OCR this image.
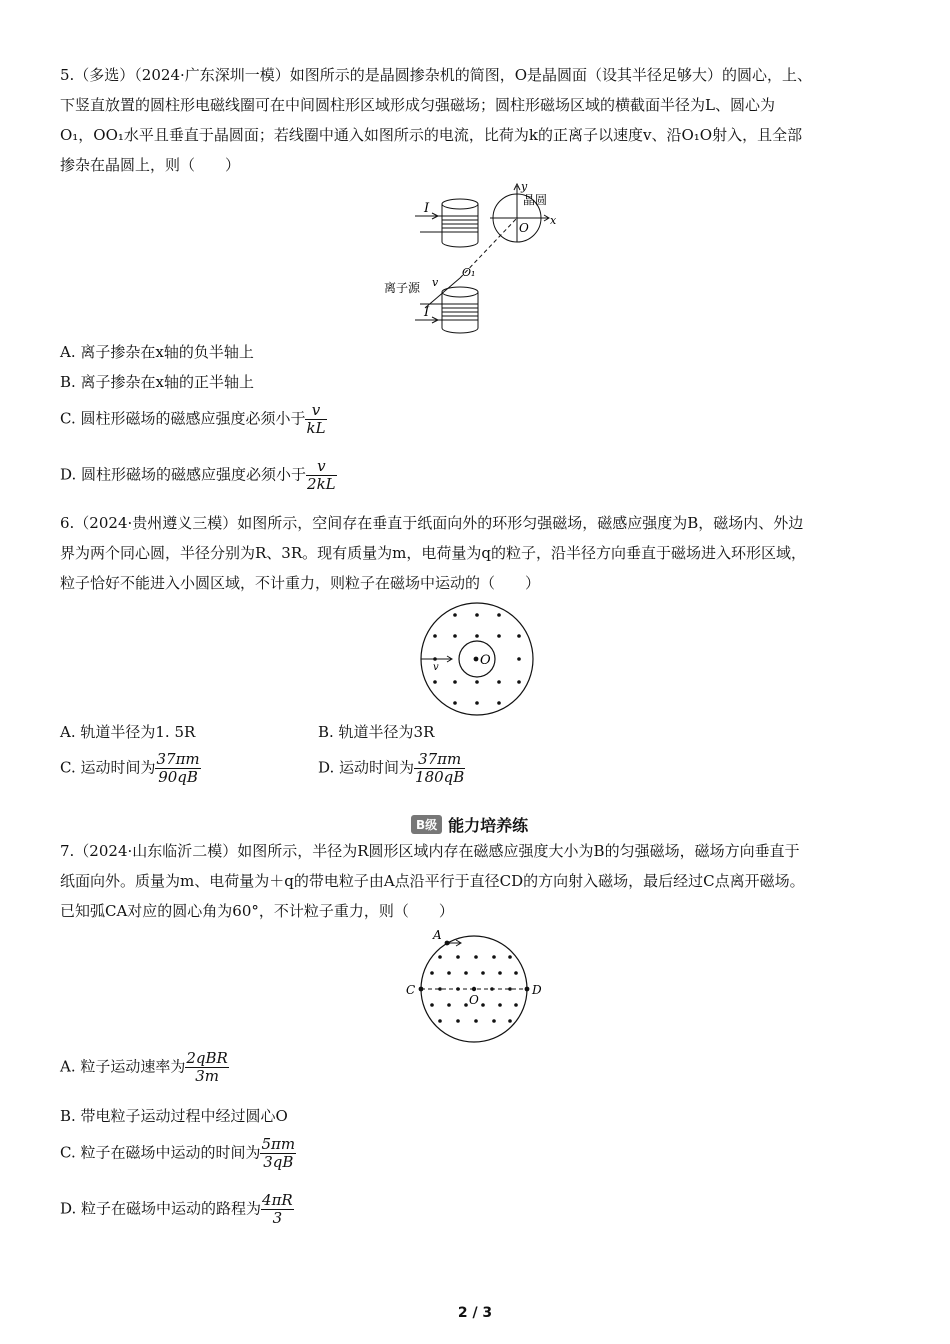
5.（多选）（2024·广东深圳一模）如图所示的是晶圆掺杂机的简图，O是晶圆面（设其半径足够大）的圆心，上、
下竖直放置的圆柱形电磁线圈可在中间圆柱形区域形成匀强磁场；圆柱形磁场区域的横截面半径为L、圆心为
O₁，OO₁水平且垂直于晶圆面；若线圈中通入如图所示的电流，比荷为k的正离子以速度v、沿O₁O射入，且全部
掺杂在晶圆上，则（　　）
I
x
y
晶圆
O
O₁
v
离子源
I
A. 离子掺杂在x轴的负半轴上
B. 离子掺杂在x轴的正半轴上
C. 圆柱形磁场的磁感应强度必须小于 $\frac{v}{kL}$
D. 圆柱形磁场的磁感应强度必须小于 $\frac{v}{2kL}$
6.（2024·贵州遵义三模）如图所示，空间存在垂直于纸面向外的环形匀强磁场，磁感应强度为B，磁场内、外边
界为两个同心圆，半径分别为R、3R。现有质量为m，电荷量为q的粒子，沿半径方向垂直于磁场进入环形区域，
粒子恰好不能进入小圆区域，不计重力，则粒子在磁场中运动的（　　）
v	O
A. 轨道半径为1. 5R	B. 轨道半径为3R
C. 运动时间为 $\frac{37\pi m}{90qB}$	D. 运动时间为 $\frac{37\pi m}{180qB}$
B级 能力培养练
7.（2024·山东临沂二模）如图所示，半径为R圆形区域内存在磁感应强度大小为B的匀强磁场，磁场方向垂直于
纸面向外。质量为m、电荷量为＋q的带电粒子由A点沿平行于直径CD的方向射入磁场，最后经过C点离开磁场。
已知弧CA对应的圆心角为60°，不计粒子重力，则（　　）
A
C	D
O
A. 粒子运动速率为 $\frac{\text{2qBR}}{3m}$
B. 带电粒子运动过程中经过圆心O
C. 粒子在磁场中运动的时间为 $\frac{5\pi m}{3qB}$
D. 粒子在磁场中运动的路程为 $\frac{4\pi R}{3}$
2 / 3
